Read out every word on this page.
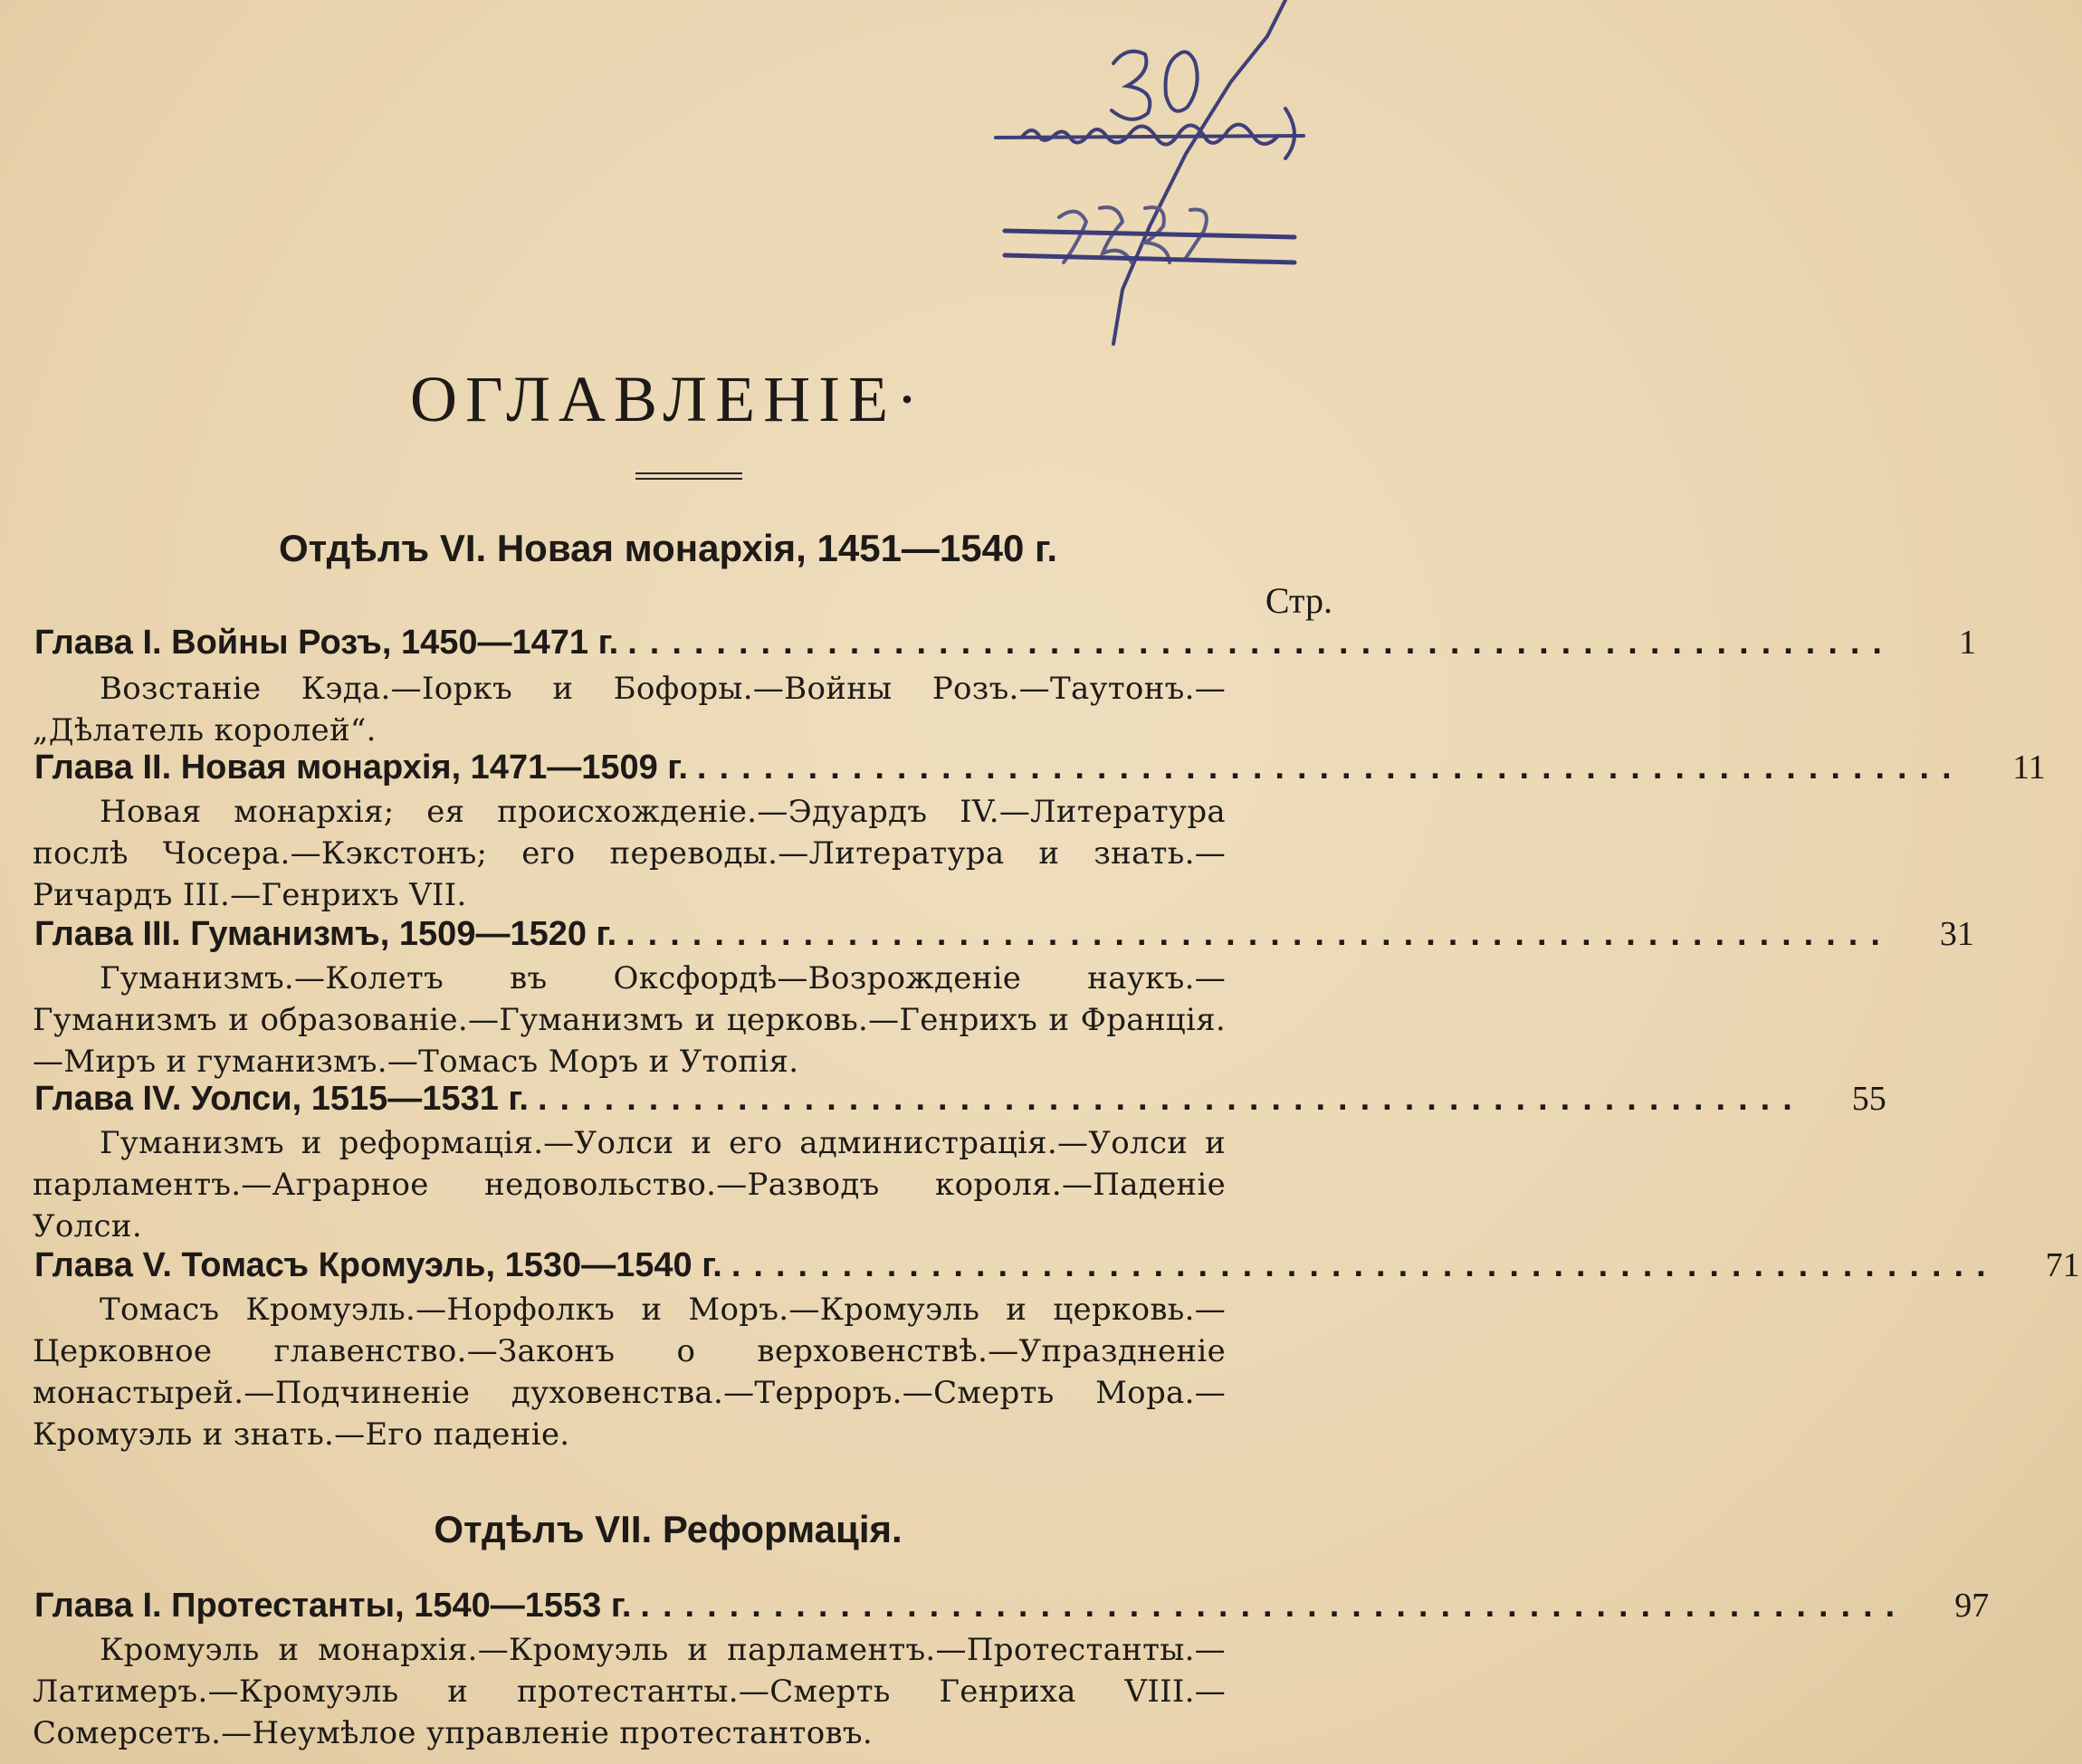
ОГЛАВЛЕНIЕ·
Отдѣлъ VI. Новая монархiя, 1451—1540 г.
Стр.
Глава I. Войны Розъ, 1450—1471 г. .........................................................	1
Возстанiе Кэда.—Iоркъ и Бофоры.—Войны Розъ.—Таутонъ.—„Дѣлатель королей“.
Глава II. Новая монархiя, 1471—1509 г. .........................................................	11
Новая монархiя; ея происхожденiе.—Эдуардъ IV.—Литература послѣ Чосера.—Кэкстонъ; его переводы.—Литература и знать.—Ричардъ III.—Генрихъ VII.
Глава III. Гуманизмъ, 1509—1520 г. .........................................................	31
Гуманизмъ.—Колетъ въ Оксфордѣ—Возрожденiе наукъ.—Гуманизмъ и образованiе.—Гуманизмъ и церковь.—Генрихъ и Францiя.—Миръ и гуманизмъ.—Томасъ Моръ и Утопiя.
Глава IV. Уолси, 1515—1531 г. .........................................................	55
Гуманизмъ и реформацiя.—Уолси и его администрацiя.—Уолси и парламентъ.—Аграрное недовольство.—Разводъ короля.—Паденiе Уолси.
Глава V. Томасъ Кромуэль, 1530—1540 г. .........................................................	71
Томасъ Кромуэль.—Норфолкъ и Моръ.—Кромуэль и церковь.—Церковное главенство.—Законъ о верховенствѣ.—Упраздненiе монастырей.—Подчиненiе духовенства.—Терроръ.—Смерть Мора.—Кромуэль и знать.—Его паденiе.
Отдѣлъ VII. Реформацiя.
Глава I. Протестанты, 1540—1553 г. .........................................................	97
Кромуэль и монархiя.—Кромуэль и парламентъ.—Протестанты.—Латимеръ.—Кромуэль и протестанты.—Смерть Генриха VIII.—Сомерсетъ.—Неумѣлое управленiе протестантовъ.
